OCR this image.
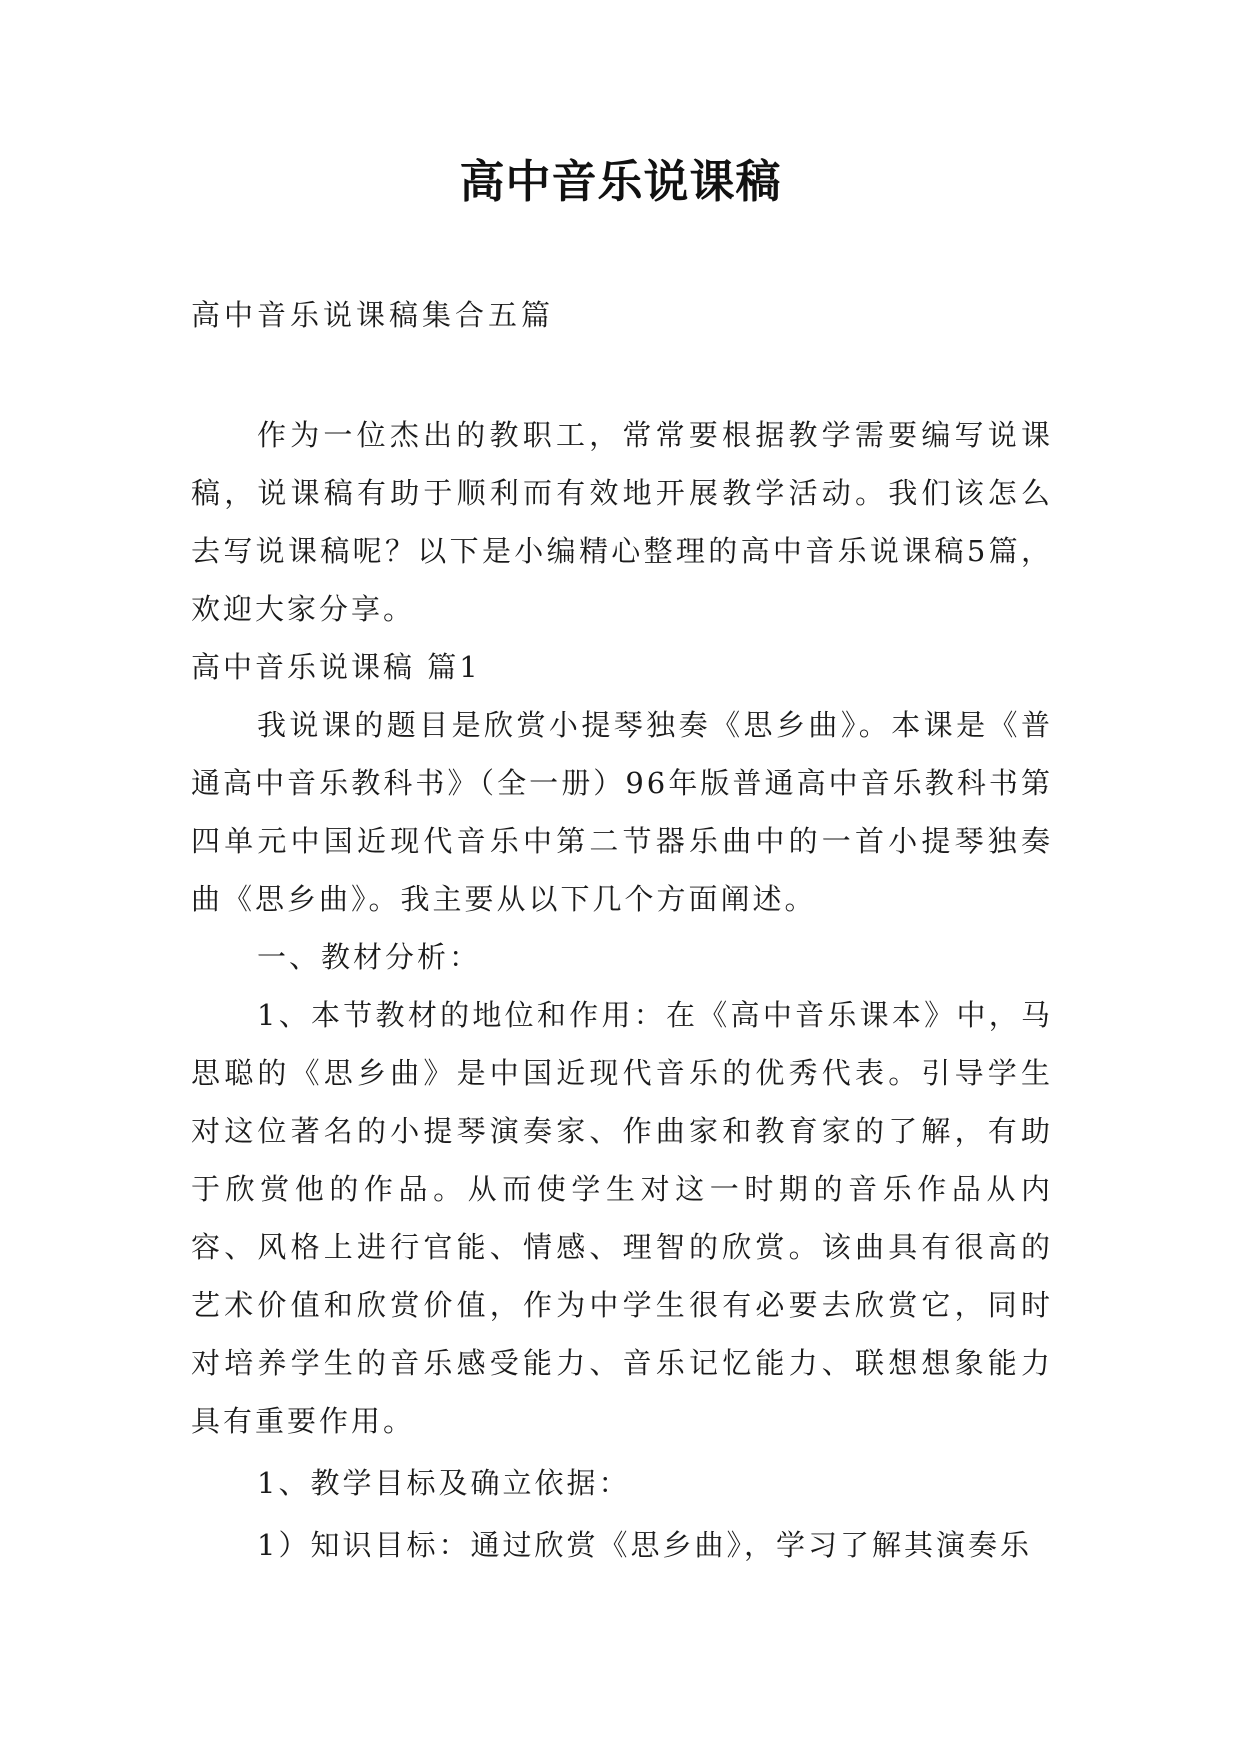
高中音乐说课稿
高中音乐说课稿集合五篇

作为一位杰出的教职工，常常要根据教学需要编写说课稿，说课稿有助于顺利而有效地开展教学活动。我们该怎么去写说课稿呢？以下是小编精心整理的高中音乐说课稿5篇，欢迎大家分享。

高中音乐说课稿 篇1

我说课的题目是欣赏小提琴独奏《思乡曲》。本课是《普通高中音乐教科书》（全一册）96年版普通高中音乐教科书第四单元中国近现代音乐中第二节器乐曲中的一首小提琴独奏曲《思乡曲》。我主要从以下几个方面阐述。

一、教材分析：

1、本节教材的地位和作用：在《高中音乐课本》中，马思聪的《思乡曲》是中国近现代音乐的优秀代表。引导学生对这位著名的小提琴演奏家、作曲家和教育家的了解，有助于欣赏他的作品。从而使学生对这一时期的音乐作品从内容、风格上进行官能、情感、理智的欣赏。该曲具有很高的艺术价值和欣赏价值，作为中学生很有必要去欣赏它，同时对培养学生的音乐感受能力、音乐记忆能力、联想想象能力具有重要作用。

1、教学目标及确立依据：

1）知识目标：通过欣赏《思乡曲》，学习了解其演奏乐
